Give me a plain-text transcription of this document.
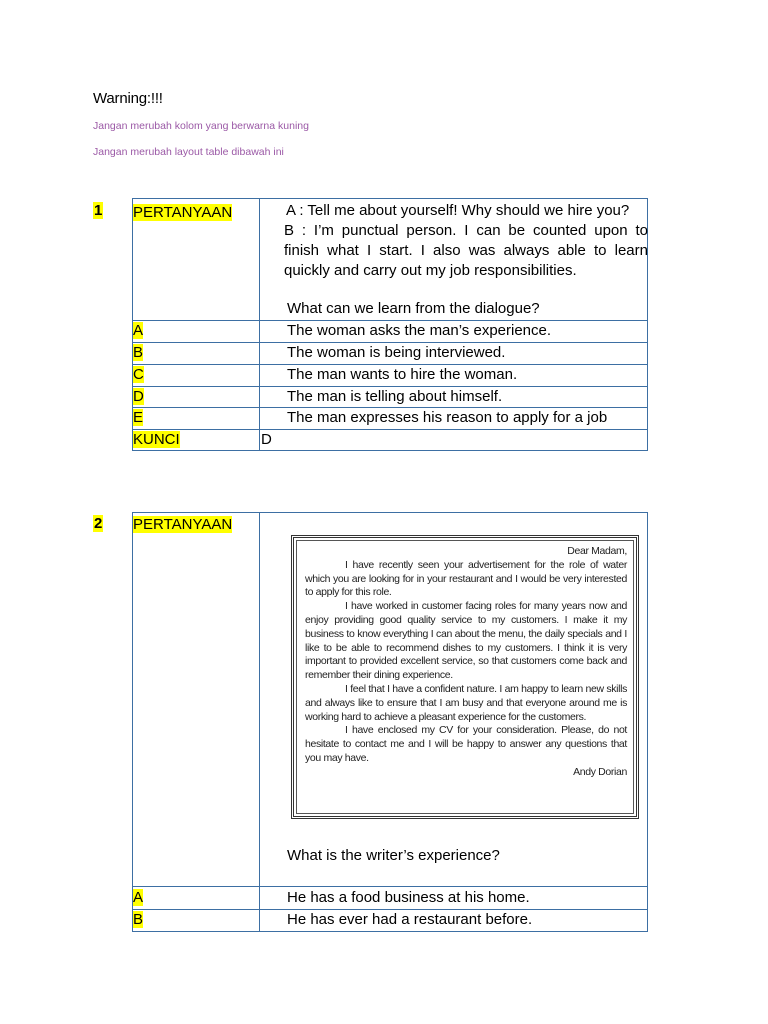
Warning:!!!
Jangan merubah kolom yang berwarna kuning
Jangan merubah layout table dibawah ini
1 PERTANYAAN	A : Tell me about yourself! Why should we hire you?

B : I’m punctual person. I can be counted upon to finish what I start. I also was always able to learn quickly and carry out my job responsibilities.

What can we learn from the dialogue?
A	The woman asks the man’s experience.
B	The woman is being interviewed.
C	The man wants to hire the woman.
D	The man is telling about himself.
E	The man expresses his reason to apply for a job
KUNCI	D
2 PERTANYAAN

Dear Madam,

I have recently seen your advertisement for the role of water which you are looking for in your restaurant and I would be very interested to apply for this role.

I have worked in customer facing roles for many years now and enjoy providing good quality service to my customers. I make it my business to know everything I can about the menu, the daily specials and I like to be able to recommend dishes to my customers. I think it is very important to provided excellent service, so that customers come back and remember their dining experience.

I feel that I have a confident nature. I am happy to learn new skills and always like to ensure that I am busy and that everyone around me is working hard to achieve a pleasant experience for the customers.

I have enclosed my CV for your consideration. Please, do not hesitate to contact me and I will be happy to answer any questions that you may have.

Andy Dorian

What is the writer’s experience?
A	He has a food business at his home.
B	He has ever had a restaurant before.
